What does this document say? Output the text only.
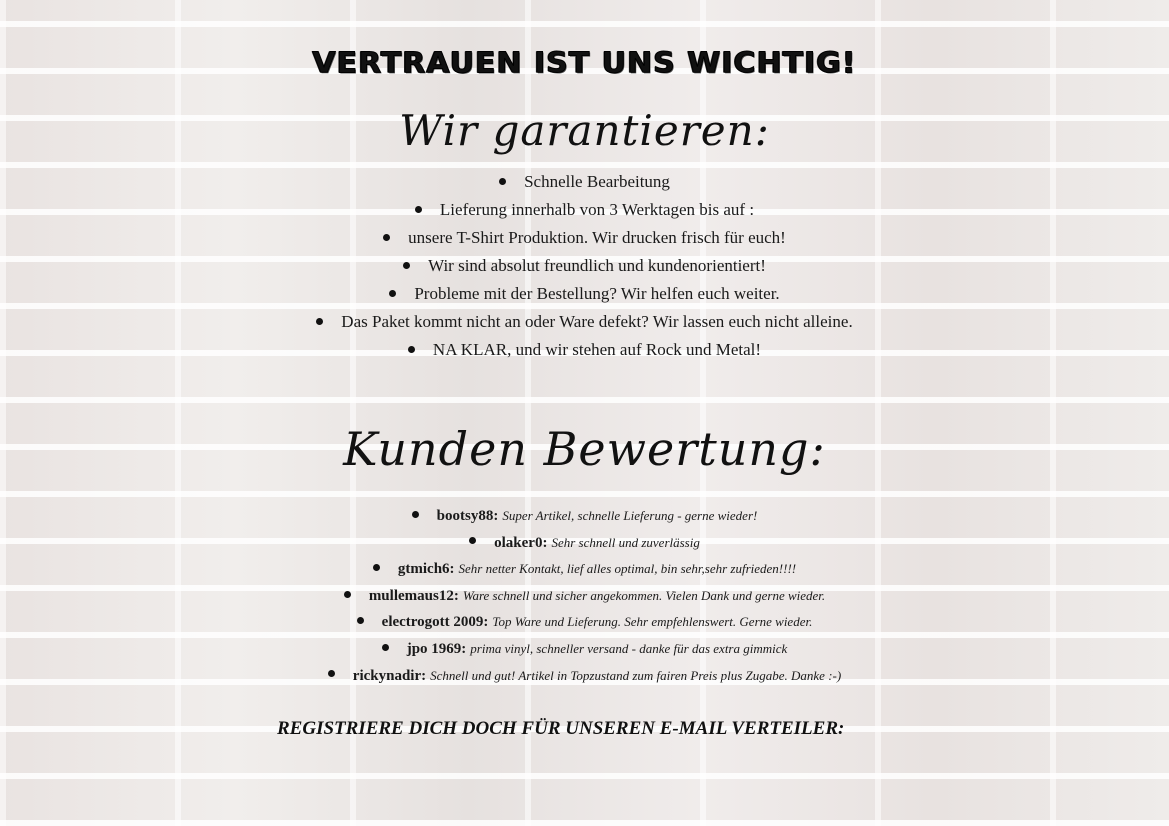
VERTRAUEN IST UNS WICHTIG!
Wir garantieren:
Schnelle Bearbeitung
Lieferung innerhalb von 3 Werktagen bis auf :
unsere T-Shirt Produktion. Wir drucken frisch für euch!
Wir sind absolut freundlich und kundenorientiert!
Probleme mit der Bestellung? Wir helfen euch weiter.
Das Paket kommt nicht an oder Ware defekt? Wir lassen euch nicht alleine.
NA KLAR, und wir stehen auf Rock und Metal!
Kunden Bewertung:
bootsy88: Super Artikel, schnelle Lieferung - gerne wieder!
olaker0: Sehr schnell und zuverlässig
gtmich6: Sehr netter Kontakt, lief alles optimal, bin sehr,sehr zufrieden!!!!
mullemaus12: Ware schnell und sicher angekommen. Vielen Dank und gerne wieder.
electrogott 2009: Top Ware und Lieferung. Sehr empfehlenswert. Gerne wieder.
jpo 1969: prima vinyl, schneller versand - danke für das extra gimmick
rickynadir: Schnell und gut! Artikel in Topzustand zum fairen Preis plus Zugabe. Danke :-)
REGISTRIERE DICH DOCH FÜR UNSEREN E-MAIL VERTEILER:
